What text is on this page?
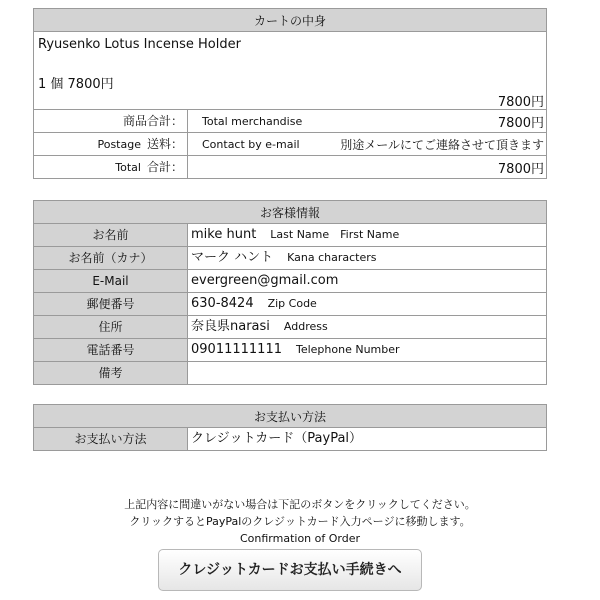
カートの中身
Ryusenko Lotus Incense Holder
1 個 7800円
7800円
商品合計：	Total merchandise	7800円
Postage 送料：	Contact by e-mail	別途メールにてご連絡させて頂きます
Total 合計：	7800円
お客様情報
お名前	mike hunt Last Name　First Name
お名前（カナ）	マーク ハント Kana characters
E-Mail	evergreen@gmail.com
郵便番号	630-8424 Zip Code
住所	奈良県narasi Address
電話番号	09011111111 Telephone Number
備考
お支払い方法
お支払い方法	クレジットカード（PayPal）
上記内容に間違いがない場合は下記のボタンをクリックしてください。
クリックするとPayPalのクレジットカード入力ページに移動します。
Confirmation of Order
クレジットカードお支払い手続きへ
